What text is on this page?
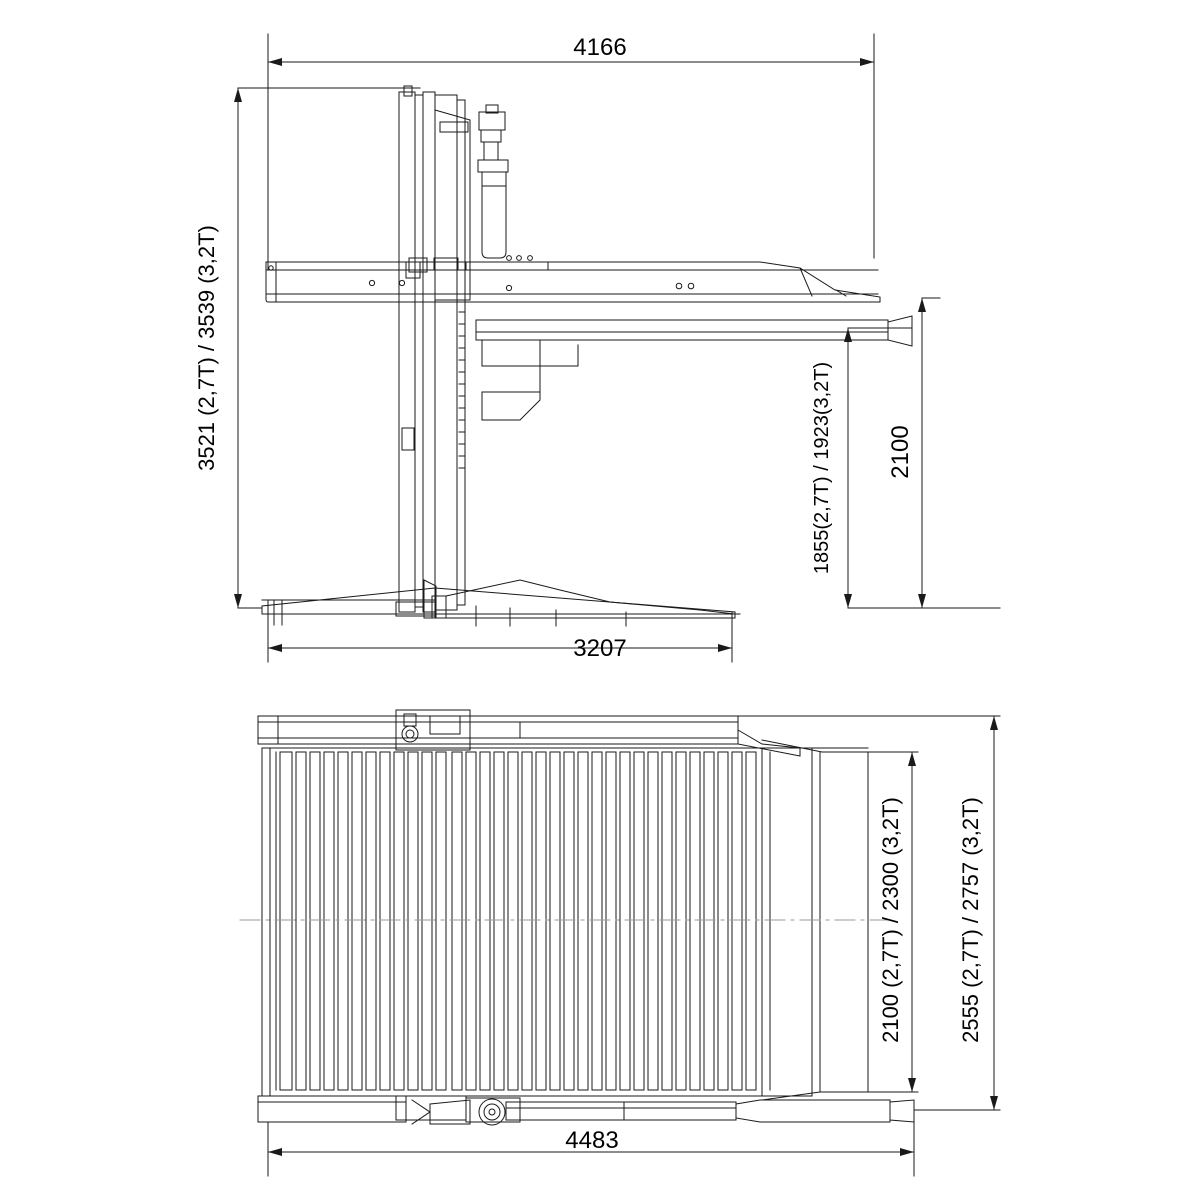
4166
3521 (2,7T) / 3539 (3,2T)
3207
1855(2,7T) / 1923(3,2T) 2100
2100 (2,7T) / 2300 (3,2T)	2555 (2,7T) / 2757 (3,2T)
4483
